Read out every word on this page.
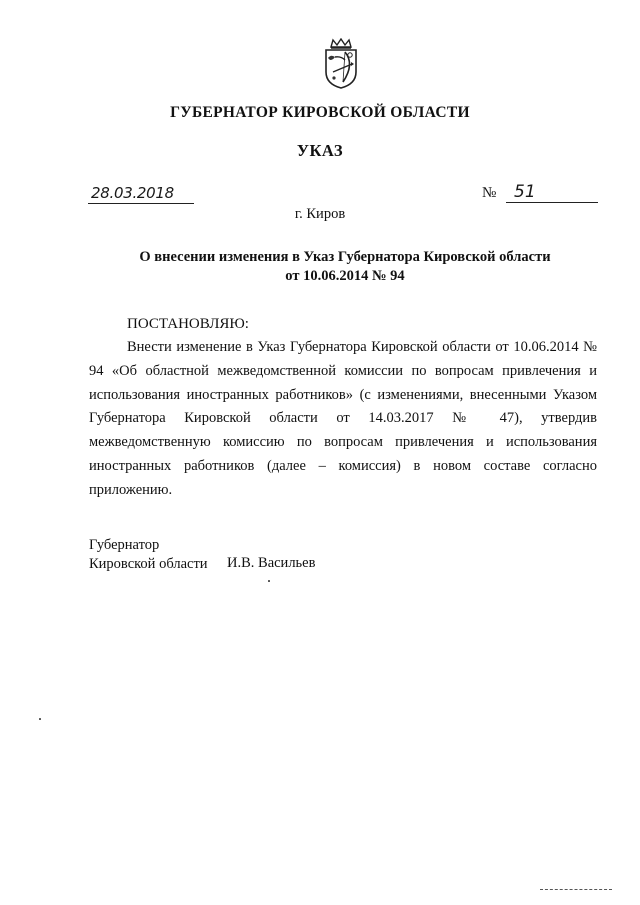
ГУБЕРНАТОР КИРОВСКОЙ ОБЛАСТИ
УКАЗ
28.03.2018	№ 51
г. Киров
О внесении изменения в Указ Губернатора Кировской области
от 10.06.2014 № 94
ПОСТАНОВЛЯЮ:

Внести изменение в Указ Губернатора Кировской области от 10.06.2014 № 94 «Об областной межведомственной комиссии по вопросам привлечения и использования иностранных работников» (с изменениями, внесенными Указом Губернатора Кировской области от 14.03.2017 № 47), утвердив межведомственную комиссию по вопросам привлечения и использования иностранных работников (далее – комиссия) в новом составе согласно приложению.

Губернатор
Кировской области И.В. Васильев
